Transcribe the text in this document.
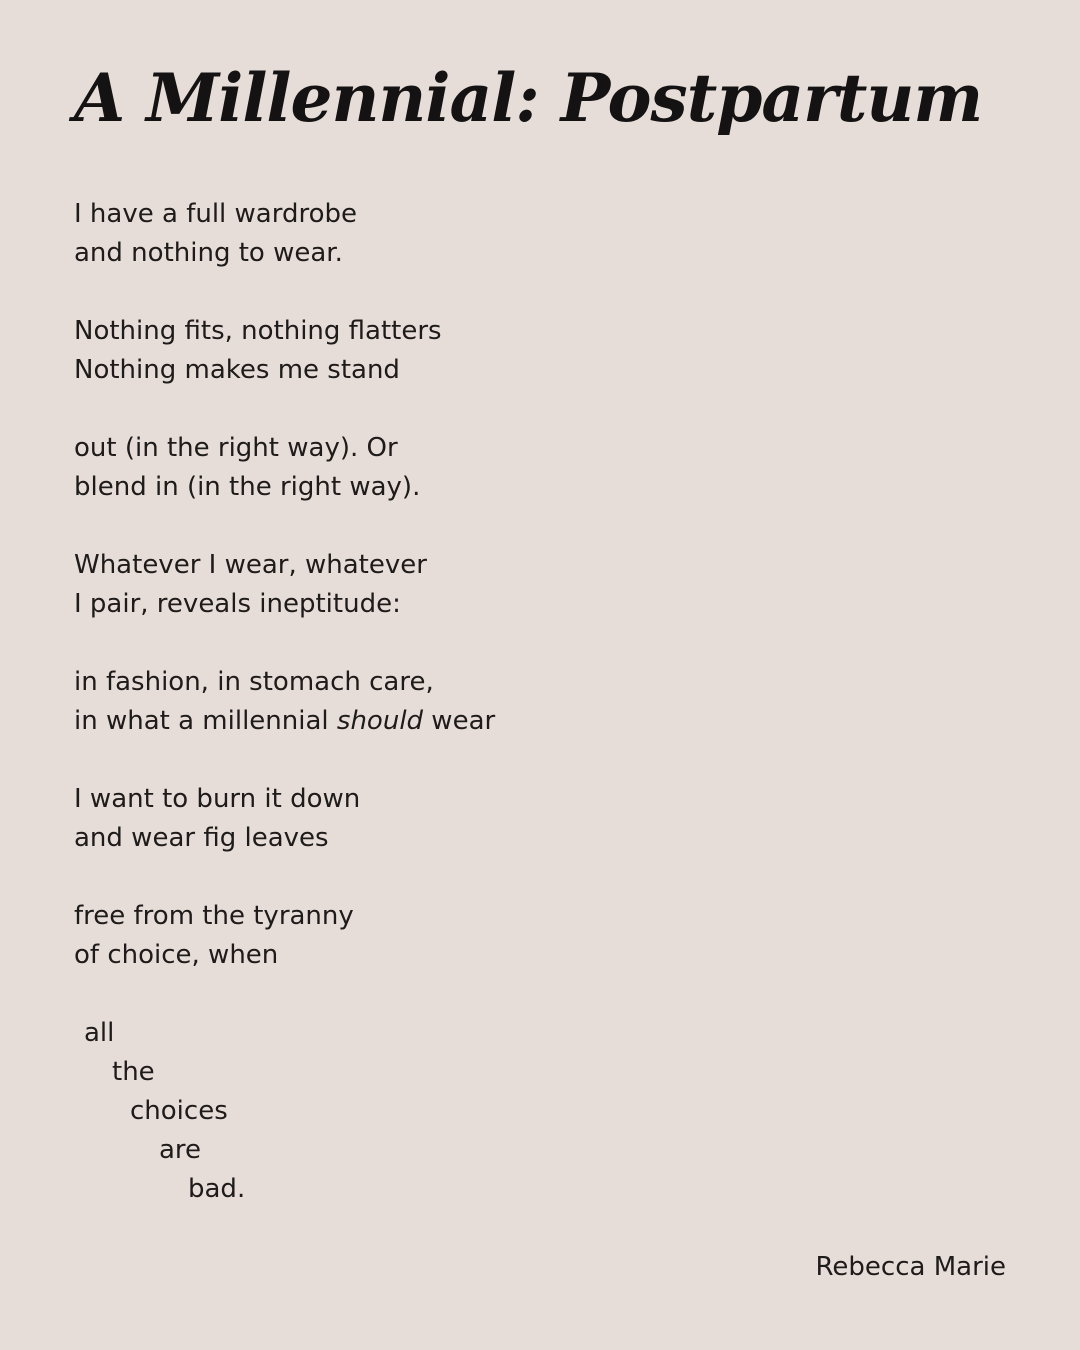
A Millennial: Postpartum
I have a full wardrobe
and nothing to wear.
Nothing fits, nothing flatters
Nothing makes me stand
out (in the right way). Or
blend in (in the right way).
Whatever I wear, whatever
I pair, reveals ineptitude:
in fashion, in stomach care,
in what a millennial should wear
I want to burn it down
and wear fig leaves
free from the tyranny
of choice, when
all
the
choices
are
bad.
Rebecca Marie
